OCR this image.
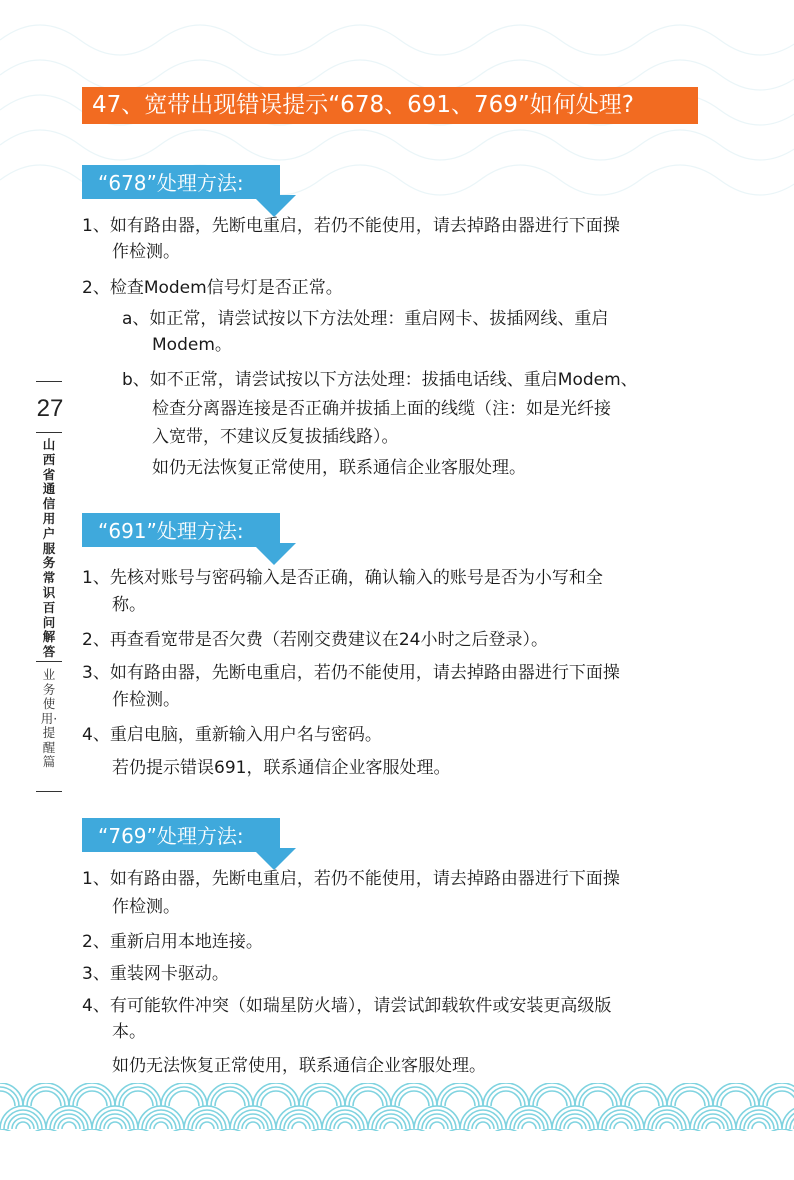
27
山西省通信用户服务常识百问解答
业务使用·提醒篇
47、宽带出现错误提示“678、691、769”如何处理?
“678”处理方法:
1、如有路由器，先断电重启，若仍不能使用，请去掉路由器进行下面操
作检测。
2、检查Modem信号灯是否正常。
a、如正常，请尝试按以下方法处理：重启网卡、拔插网线、重启
Modem。
b、如不正常，请尝试按以下方法处理：拔插电话线、重启Modem、
检查分离器连接是否正确并拔插上面的线缆（注：如是光纤接
入宽带，不建议反复拔插线路）。
如仍无法恢复正常使用，联系通信企业客服处理。
“691”处理方法:
1、先核对账号与密码输入是否正确，确认输入的账号是否为小写和全
称。
2、再查看宽带是否欠费（若刚交费建议在24小时之后登录）。
3、如有路由器，先断电重启，若仍不能使用，请去掉路由器进行下面操
作检测。
4、重启电脑，重新输入用户名与密码。
若仍提示错误691，联系通信企业客服处理。
“769”处理方法:
1、如有路由器，先断电重启，若仍不能使用，请去掉路由器进行下面操
作检测。
2、重新启用本地连接。
3、重装网卡驱动。
4、有可能软件冲突（如瑞星防火墙），请尝试卸载软件或安装更高级版
本。
如仍无法恢复正常使用，联系通信企业客服处理。
